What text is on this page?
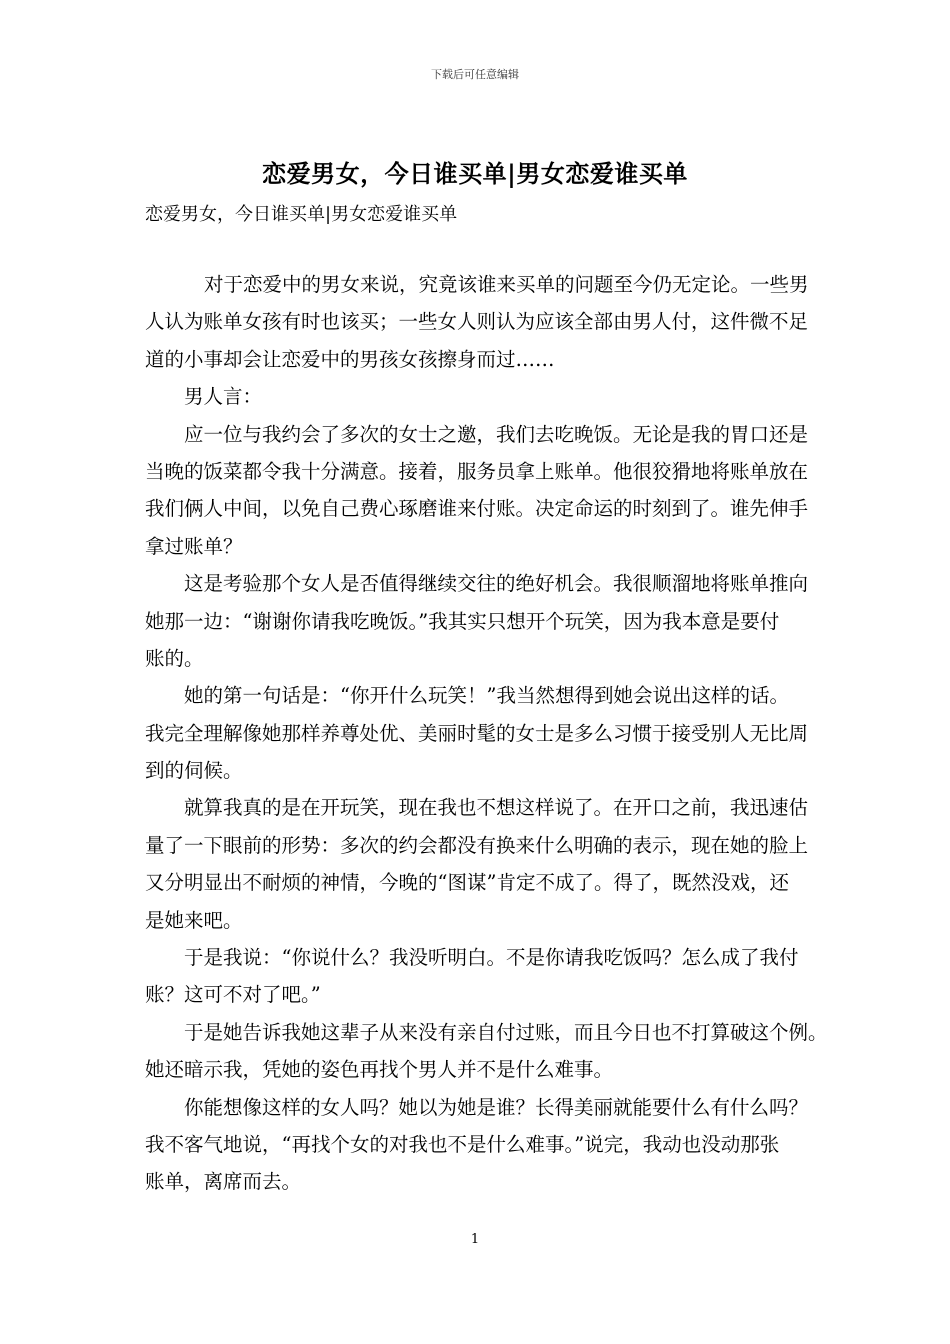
下载后可任意编辑
恋爱男女，今日谁买单|男女恋爱谁买单
恋爱男女，今日谁买单|男女恋爱谁买单
对于恋爱中的男女来说，究竟该谁来买单的问题至今仍无定论。一些男
人认为账单女孩有时也该买；一些女人则认为应该全部由男人付，这件微不足
道的小事却会让恋爱中的男孩女孩擦身而过……
男人言：
应一位与我约会了多次的女士之邀，我们去吃晚饭。无论是我的胃口还是
当晚的饭菜都令我十分满意。接着，服务员拿上账单。他很狡猾地将账单放在
我们俩人中间，以免自己费心琢磨谁来付账。决定命运的时刻到了。谁先伸手
拿过账单？
这是考验那个女人是否值得继续交往的绝好机会。我很顺溜地将账单推向
她那一边：“谢谢你请我吃晚饭。”我其实只想开个玩笑，因为我本意是要付
账的。
她的第一句话是：“你开什么玩笑！”我当然想得到她会说出这样的话。
我完全理解像她那样养尊处优、美丽时髦的女士是多么习惯于接受别人无比周
到的伺候。
就算我真的是在开玩笑，现在我也不想这样说了。在开口之前，我迅速估
量了一下眼前的形势：多次的约会都没有换来什么明确的表示，现在她的脸上
又分明显出不耐烦的神情，今晚的“图谋”肯定不成了。得了，既然没戏，还
是她来吧。
于是我说：“你说什么？我没听明白。不是你请我吃饭吗？怎么成了我付
账？这可不对了吧。”
于是她告诉我她这辈子从来没有亲自付过账，而且今日也不打算破这个例。
她还暗示我，凭她的姿色再找个男人并不是什么难事。
你能想像这样的女人吗？她以为她是谁？长得美丽就能要什么有什么吗？
我不客气地说，“再找个女的对我也不是什么难事。”说完，我动也没动那张
账单，离席而去。
1
